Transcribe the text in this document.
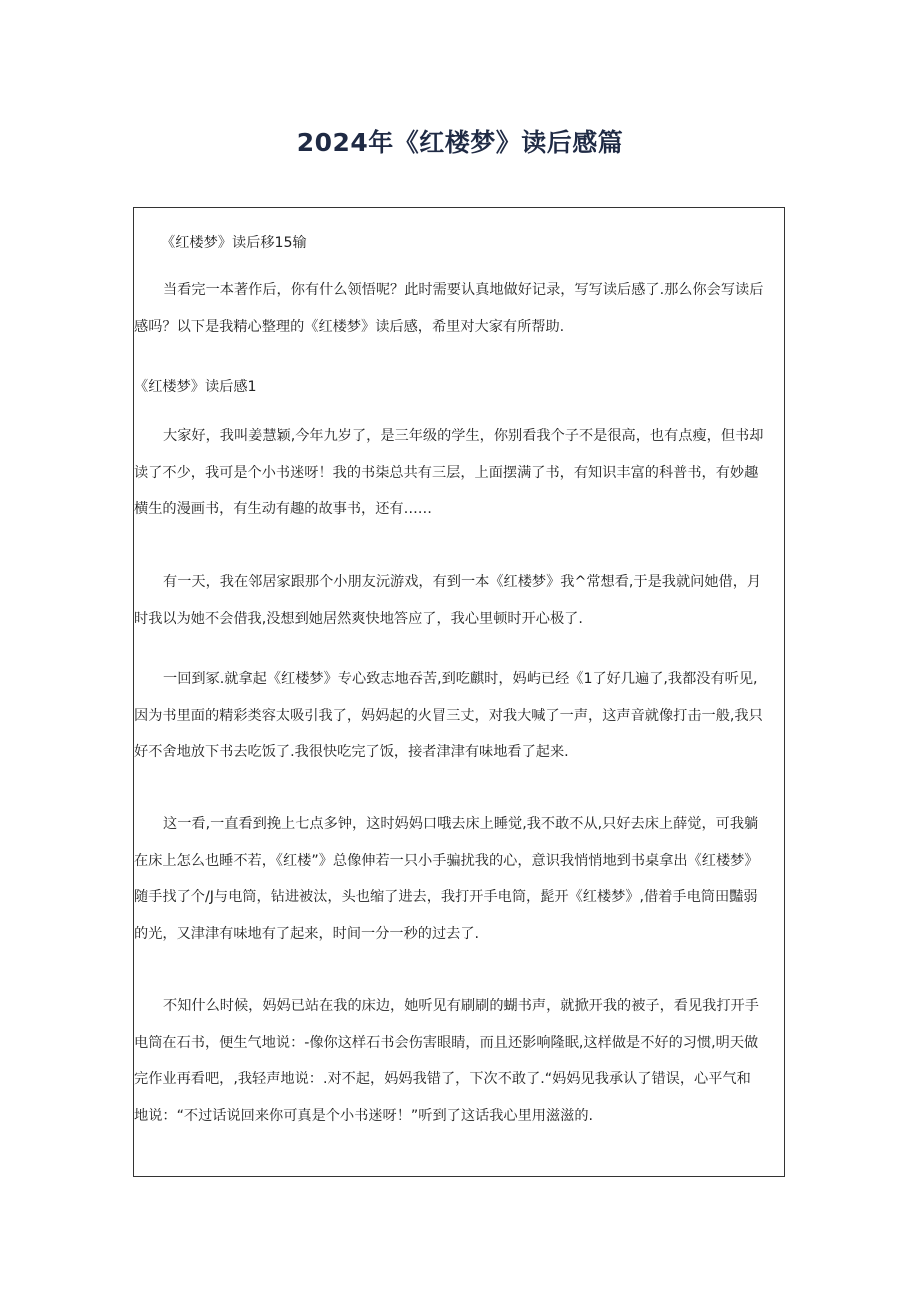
2024年《红楼梦》读后感篇
《红楼梦》读后移15输
当看完一本著作后，你有什么领悟呢？此时需要认真地做好记录，写写读后感了.那么你会写读后
感吗？以下是我精心整理的《红楼梦》读后感，希里对大家有所帮助.
《红楼梦》读后感1
大家好，我叫姜慧颖,今年九岁了，是三年级的学生，你别看我个子不是很高，也有点瘦，但书却
读了不少，我可是个小书迷呀！我的书柒总共有三层，上面摆满了书，有知识丰富的科普书，有妙趣
横生的漫画书，有生动有趣的故事书，还有……
有一天，我在邻居家跟那个小朋友沅游戏，有到一本《红楼梦》我^常想看,于是我就问她借，月
时我以为她不会借我,没想到她居然爽快地答应了，我心里顿时开心极了.
一回到冢.就拿起《红楼梦》专心致志地吞苦,到吃麒时，妈屿已经《1了好几遍了,我都没有听见,
因为书里面的精彩类容太吸引我了，妈妈起的火冒三丈，对我大喊了一声，这声音就像打击一般,我只
好不舍地放下书去吃饭了.我很快吃完了饭，接者津津有味地看了起来.
这一看,一直看到挽上七点多钟，这时妈妈口哦去床上睡觉,我不敢不从,只好去床上薛觉，可我躺
在床上怎么也睡不若，《红楼”》总像伸若一只小手骗扰我的心，意识我悄悄地到书桌拿出《红楼梦》
随手找了个/J与电筒，钻进被汰，头也缩了进去，我打开手电筒，髭开《红楼梦》,借着手电筒田豔弱
的光，又津津有味地有了起来，时间一分一秒的过去了.
不知什么时候，妈妈已站在我的床边，她听见有刷刷的蝴书声，就掀开我的被子，看见我打开手
电筒在石书，便生气地说：-像你这样石书会伤害眼睛，而且还影响隆眠,这样做是不好的习惯,明天做
完作业再看吧，,我轻声地说：.对不起，妈妈我错了，下次不敢了.“妈妈见我承认了错误，心平气和
地说：“不过话说回来你可真是个小书迷呀！”听到了这话我心里用滋滋的.
